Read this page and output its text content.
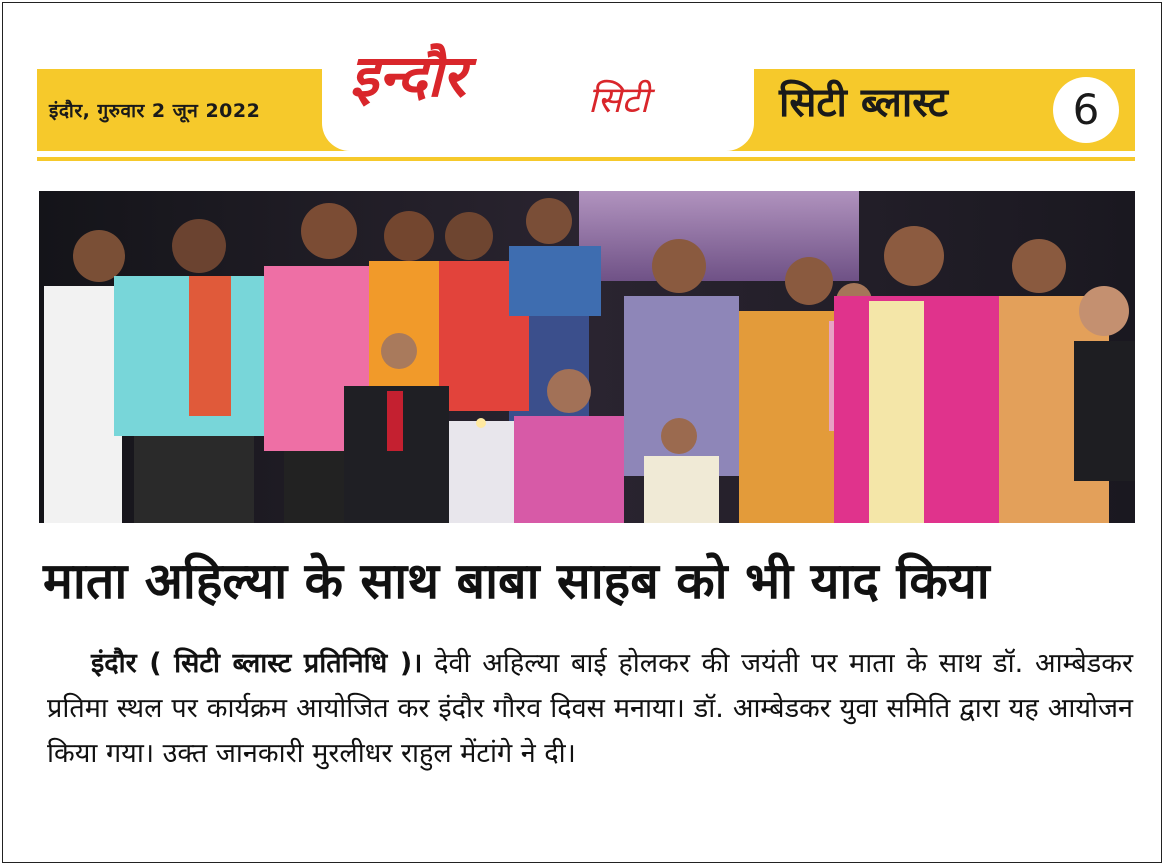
इंदौर, गुरुवार 2 जून 2022
इन्दौर	सिटी	सिटी ब्लास्ट	6
माता अहिल्या के साथ बाबा साहब को भी याद किया
इंदौर ( सिटी ब्लास्ट प्रतिनिधि )। देवी अहिल्या बाई होलकर की जयंती पर माता के साथ डॉ. आम्बेडकर प्रतिमा स्थल पर कार्यक्रम आयोजित कर इंदौर गौरव दिवस मनाया। डॉ. आम्बेडकर युवा समिति द्वारा यह आयोजन किया गया। उक्त जानकारी मुरलीधर राहुल मेंटांगे ने दी।
